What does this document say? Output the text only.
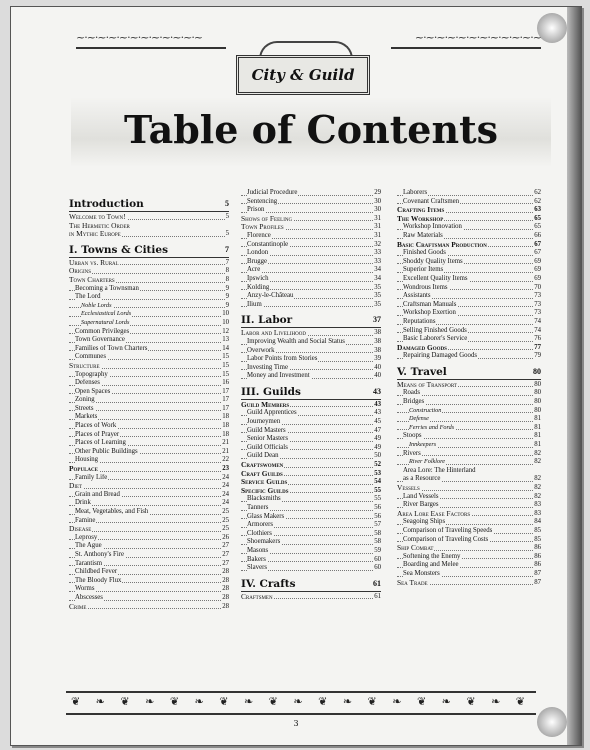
~·~·~·~·~·~·~·~·~·~·~·~	~·~·~·~·~·~·~·~·~·~·~·~
City & Guild
Table of Contents
Introduction	5
Welcome to Town!	5
The Hermetic Order
in Mythic Europe	5
I. Towns & Cities	7
Urban vs. Rural	7
Origins	8
Town Charters	8
Becoming a Townsman	9
The Lord	9
Noble Lords	9
Ecclesiastical Lords	10
Supernatural Lords	10
Common Privileges	12
Town Governance	13
Families of Town Charters	14
Communes	15
Structure	15
Topography	15
Defenses	16
Open Spaces	17
Zoning	17
Streets	17
Markets	18
Places of Work	18
Places of Prayer	18
Places of Learning	21
Other Public Buildings	21
Housing	22
Populace	23
Family Life	24
Diet	24
Grain and Bread	24
Drink	24
Meat, Vegetables, and Fish	25
Famine	25
Disease	25
Leprosy	26
The Ague	27
St. Anthony's Fire	27
Tarantism	27
Childbed Fever	28
The Bloody Flux	28
Worms	28
Abscesses	28
Crime	28
Judicial Procedure	29
Sentencing	30
Prison	30
Shows of Feeling	31
Town Profiles	31
Florence	31
Constantinople	32
London	33
Brugge	33
Acre	34
Ipswich	34
Kolding	35
Anzy-le-Château	35
Ilium	35
II. Labor	37
Labor and Livelihood	38
Improving Wealth and Social Status	38
Overwork	38
Labor Points from Stories	39
Investing Time	40
Money and Investment	40
III. Guilds	43
Guild Members	43
Guild Apprentices	43
Journeymen	45
Guild Masters	47
Senior Masters	49
Guild Officials	49
Guild Dean	50
Craftswomen	52
Craft Guilds	53
Service Guilds	54
Specific Guilds	55
Blacksmiths	55
Tanners	56
Glass Makers	56
Armorers	57
Clothiers	58
Shoemakers	58
Masons	59
Bakers	60
Slavers	60
IV. Crafts	61
Craftsmen	61
Laborers	62
Covenant Craftsmen	62
Crafting Items	63
The Workshop	65
Workshop Innovation	65
Raw Materials	66
Basic Craftsman Production	67
Finished Goods	67
Shoddy Quality Items	69
Superior Items	69
Excellent Quality Items	69
Wondrous Items	70
Assistants	73
Craftsman Manuals	73
Workshop Exertion	73
Reputations	74
Selling Finished Goods	74
Basic Laborer's Service	76
Damaged Goods	77
Repairing Damaged Goods	79
V. Travel	80
Means of Transport	80
Roads	80
Bridges	80
Construction	80
Defense	81
Ferries and Fords	81
Stoops	81
Innkeepers	81
Rivers	82
River Folklore	82
Area Lore: The Hinterland
as a Resource	82
Vessels	82
Land Vessels	82
River Barges	83
Area Lore Ease Factors	83
Seagoing Ships	84
Comparison of Traveling Speeds	85
Comparison of Traveling Costs	85
Ship Combat	86
Softening the Enemy	86
Boarding and Melee	86
Sea Monsters	87
Sea Trade	87
❦ ❧ ❦ ❧ ❦ ❧ ❦ ❧ ❦ ❧ ❦ ❧ ❦ ❧ ❦ ❧ ❦ ❧ ❦
3
